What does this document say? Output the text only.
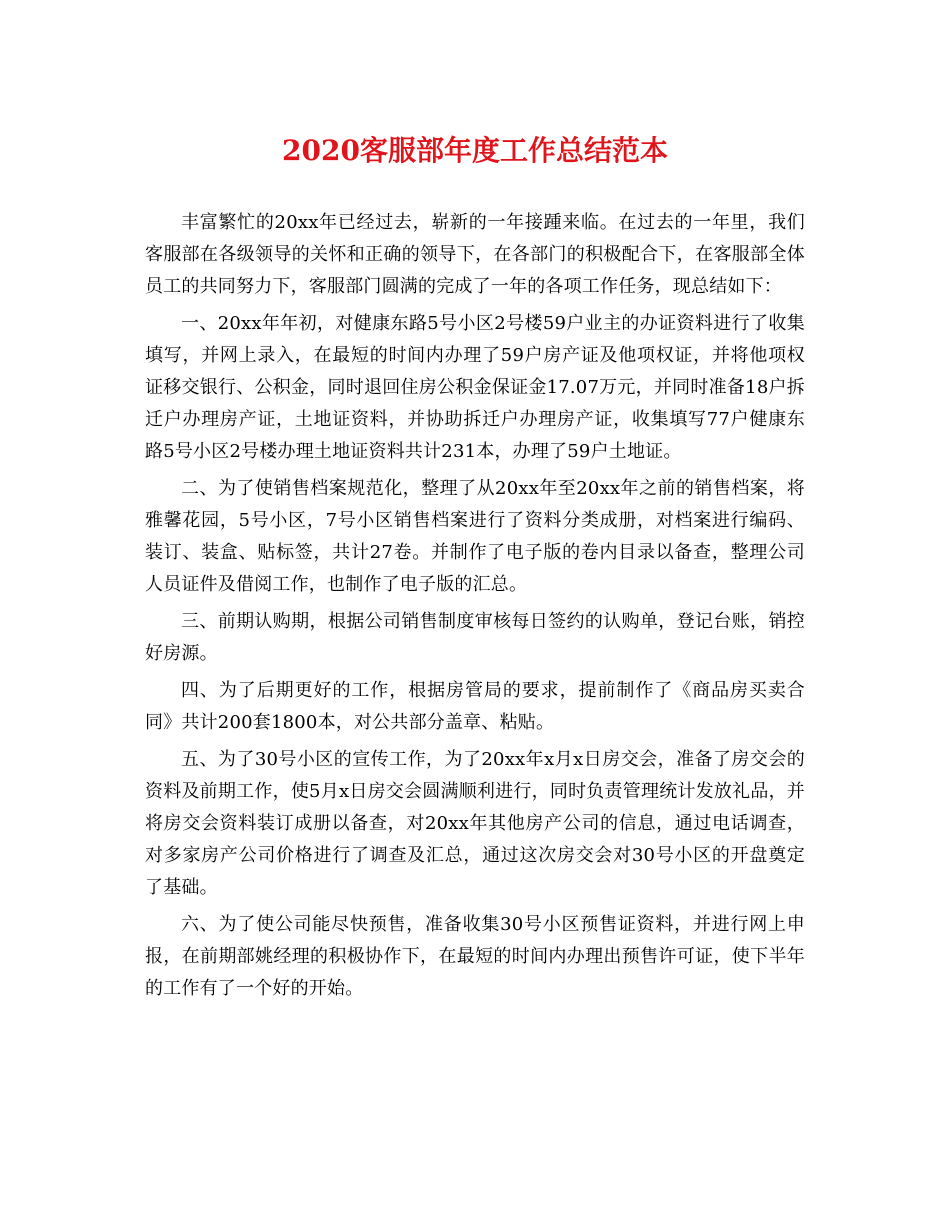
2020客服部年度工作总结范本

丰富繁忙的20xx年已经过去，崭新的一年接踵来临。在过去的一年里，我们客服部在各级领导的关怀和正确的领导下，在各部门的积极配合下，在客服部全体员工的共同努力下，客服部门圆满的完成了一年的各项工作任务，现总结如下：

一、20xx年年初，对健康东路5号小区2号楼59户业主的办证资料进行了收集填写，并网上录入，在最短的时间内办理了59户房产证及他项权证，并将他项权证移交银行、公积金，同时退回住房公积金保证金17.07万元，并同时准备18户拆迁户办理房产证，土地证资料，并协助拆迁户办理房产证，收集填写77户健康东路5号小区2号楼办理土地证资料共计231本，办理了59户土地证。

二、为了使销售档案规范化，整理了从20xx年至20xx年之前的销售档案，将雅馨花园，5号小区，7号小区销售档案进行了资料分类成册，对档案进行编码、装订、装盒、贴标签，共计27卷。并制作了电子版的卷内目录以备查，整理公司人员证件及借阅工作，也制作了电子版的汇总。

三、前期认购期，根据公司销售制度审核每日签约的认购单，登记台账，销控好房源。

四、为了后期更好的工作，根据房管局的要求，提前制作了《商品房买卖合同》共计200套1800本，对公共部分盖章、粘贴。

五、为了30号小区的宣传工作，为了20xx年x月x日房交会，准备了房交会的资料及前期工作，使5月x日房交会圆满顺利进行，同时负责管理统计发放礼品，并将房交会资料装订成册以备查，对20xx年其他房产公司的信息，通过电话调查，对多家房产公司价格进行了调查及汇总，通过这次房交会对30号小区的开盘奠定了基础。

六、为了使公司能尽快预售，准备收集30号小区预售证资料，并进行网上申报，在前期部姚经理的积极协作下，在最短的时间内办理出预售许可证，使下半年的工作有了一个好的开始。
